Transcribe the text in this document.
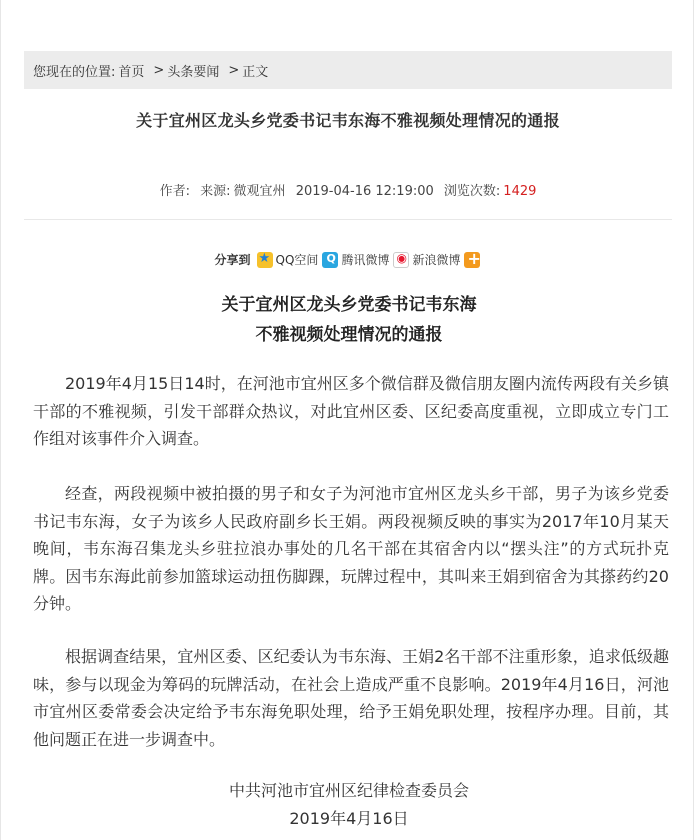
您现在的位置: 首页 > 头条要闻 > 正文
关于宜州区龙头乡党委书记韦东海不雅视频处理情况的通报
作者: 来源: 微观宜州 2019-04-16 12:19:00 浏览次数: 1429
分享到 ★ QQ空间 Q 腾讯微博 ◉ 新浪微博
+
关于宜州区龙头乡党委书记韦东海
不雅视频处理情况的通报
2019年4月15日14时，在河池市宜州区多个微信群及微信朋友圈内流传两段有关乡镇干部的不雅视频，引发干部群众热议，对此宜州区委、区纪委高度重视，立即成立专门工作组对该事件介入调查。
经查，两段视频中被拍摄的男子和女子为河池市宜州区龙头乡干部，男子为该乡党委书记韦东海，女子为该乡人民政府副乡长王娟。两段视频反映的事实为2017年10月某天晚间，韦东海召集龙头乡驻拉浪办事处的几名干部在其宿舍内以“摆头注”的方式玩扑克牌。因韦东海此前参加篮球运动扭伤脚踝，玩牌过程中，其叫来王娟到宿舍为其搽药约20分钟。
根据调查结果，宜州区委、区纪委认为韦东海、王娟2名干部不注重形象，追求低级趣味，参与以现金为筹码的玩牌活动，在社会上造成严重不良影响。2019年4月16日，河池市宜州区委常委会决定给予韦东海免职处理，给予王娟免职处理，按程序办理。目前，其他问题正在进一步调查中。
中共河池市宜州区纪律检查委员会
2019年4月16日
